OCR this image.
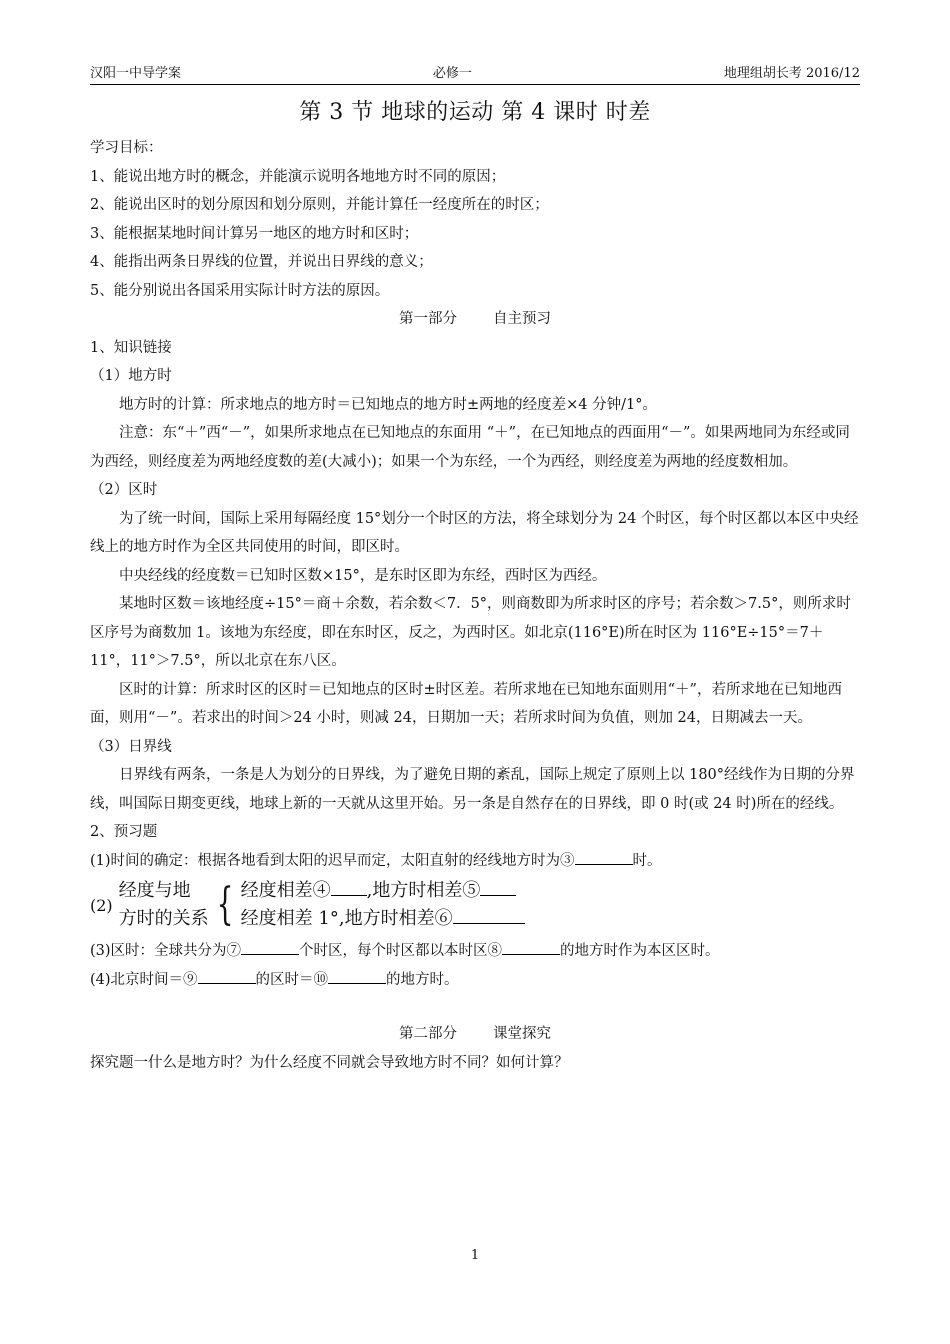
汉阳一中导学案	必修一	地理组胡长考 2016/12
第 3 节 地球的运动 第 4 课时 时差

学习目标：

1、能说出地方时的概念，并能演示说明各地地方时不同的原因；

2、能说出区时的划分原因和划分原则，并能计算任一经度所在的时区；

3、能根据某地时间计算另一地区的地方时和区时；

4、能指出两条日界线的位置，并说出日界线的意义；

5、能分别说出各国采用实际计时方法的原因。

第一部分 自主预习

1、知识链接

（1）地方时

地方时的计算：所求地点的地方时＝已知地点的地方时±两地的经度差×4 分钟/1°。

注意：东“＋”西“－”，如果所求地点在已知地点的东面用 “＋”，在已知地点的西面用“－”。如果两地同为东经或同为西经，则经度差为两地经度数的差(大减小)；如果一个为东经，一个为西经，则经度差为两地的经度数相加。

（2）区时

为了统一时间，国际上采用每隔经度 15°划分一个时区的方法，将全球划分为 24 个时区，每个时区都以本区中央经线上的地方时作为全区共同使用的时间，即区时。

中央经线的经度数＝已知时区数×15°，是东时区即为东经，西时区为西经。

某地时区数＝该地经度÷15°＝商＋余数，若余数＜7．5°，则商数即为所求时区的序号；若余数＞7.5°，则所求时区序号为商数加 1。该地为东经度，即在东时区，反之，为西时区。如北京(116°E)所在时区为 116°E÷15°＝7＋11°，11°＞7.5°，所以北京在东八区。

区时的计算：所求时区的区时＝已知地点的区时±时区差。若所求地在已知地东面则用“＋”，若所求地在已知地西面，则用“－”。若求出的时间＞24 小时，则减 24，日期加一天；若所求时间为负值，则加 24，日期减去一天。

（3）日界线

日界线有两条，一条是人为划分的日界线，为了避免日期的紊乱，国际上规定了原则上以 180°经线作为日期的分界线，叫国际日期变更线，地球上新的一天就从这里开始。另一条是自然存在的日界线，即 0 时(或 24 时)所在的经线。

2、预习题

(1)时间的确定：根据各地看到太阳的迟早而定，太阳直射的经线地方时为③	时。

(2)
经度与地
方时的关系 { 经度相差④ ,地方时相差⑤
经度相差 1°,地方时相差⑥

(3)区时：全球共分为⑦	个时区，每个时区都以本时区⑧	的地方时作为本区区时。

(4)北京时间＝⑨	的区时＝⑩	的地方时。

第二部分 课堂探究

探究题一什么是地方时？为什么经度不同就会导致地方时不同？如何计算？

1
